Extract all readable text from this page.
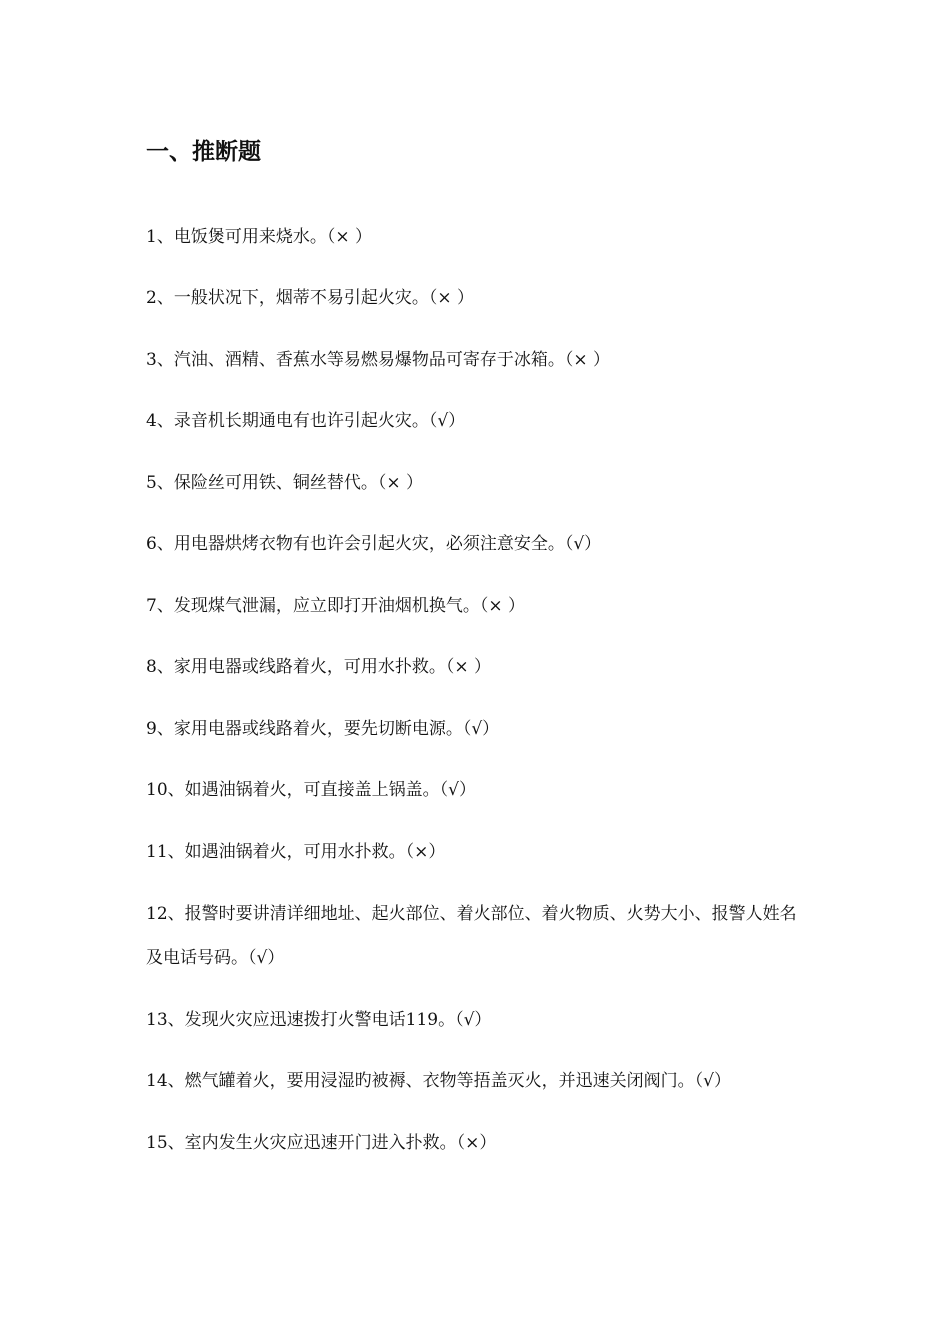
一、推断题
1、电饭煲可用来烧水。（× ）
2、一般状况下，烟蒂不易引起火灾。（× ）
3、汽油、酒精、香蕉水等易燃易爆物品可寄存于冰箱。（× ）
4、录音机长期通电有也许引起火灾。（√）
5、保险丝可用铁、铜丝替代。（× ）
6、用电器烘烤衣物有也许会引起火灾，必须注意安全。（√）
7、发现煤气泄漏，应立即打开油烟机换气。（× ）
8、家用电器或线路着火，可用水扑救。（× ）
9、家用电器或线路着火，要先切断电源。（√）
10、如遇油锅着火，可直接盖上锅盖。（√）
11、如遇油锅着火，可用水扑救。（×）
12、报警时要讲清详细地址、起火部位、着火部位、着火物质、火势大小、报警人姓名及电话号码。（√）
13、发现火灾应迅速拨打火警电话119。（√）
14、燃气罐着火，要用浸湿旳被褥、衣物等捂盖灭火，并迅速关闭阀门。（√）
15、室内发生火灾应迅速开门进入扑救。（×）
